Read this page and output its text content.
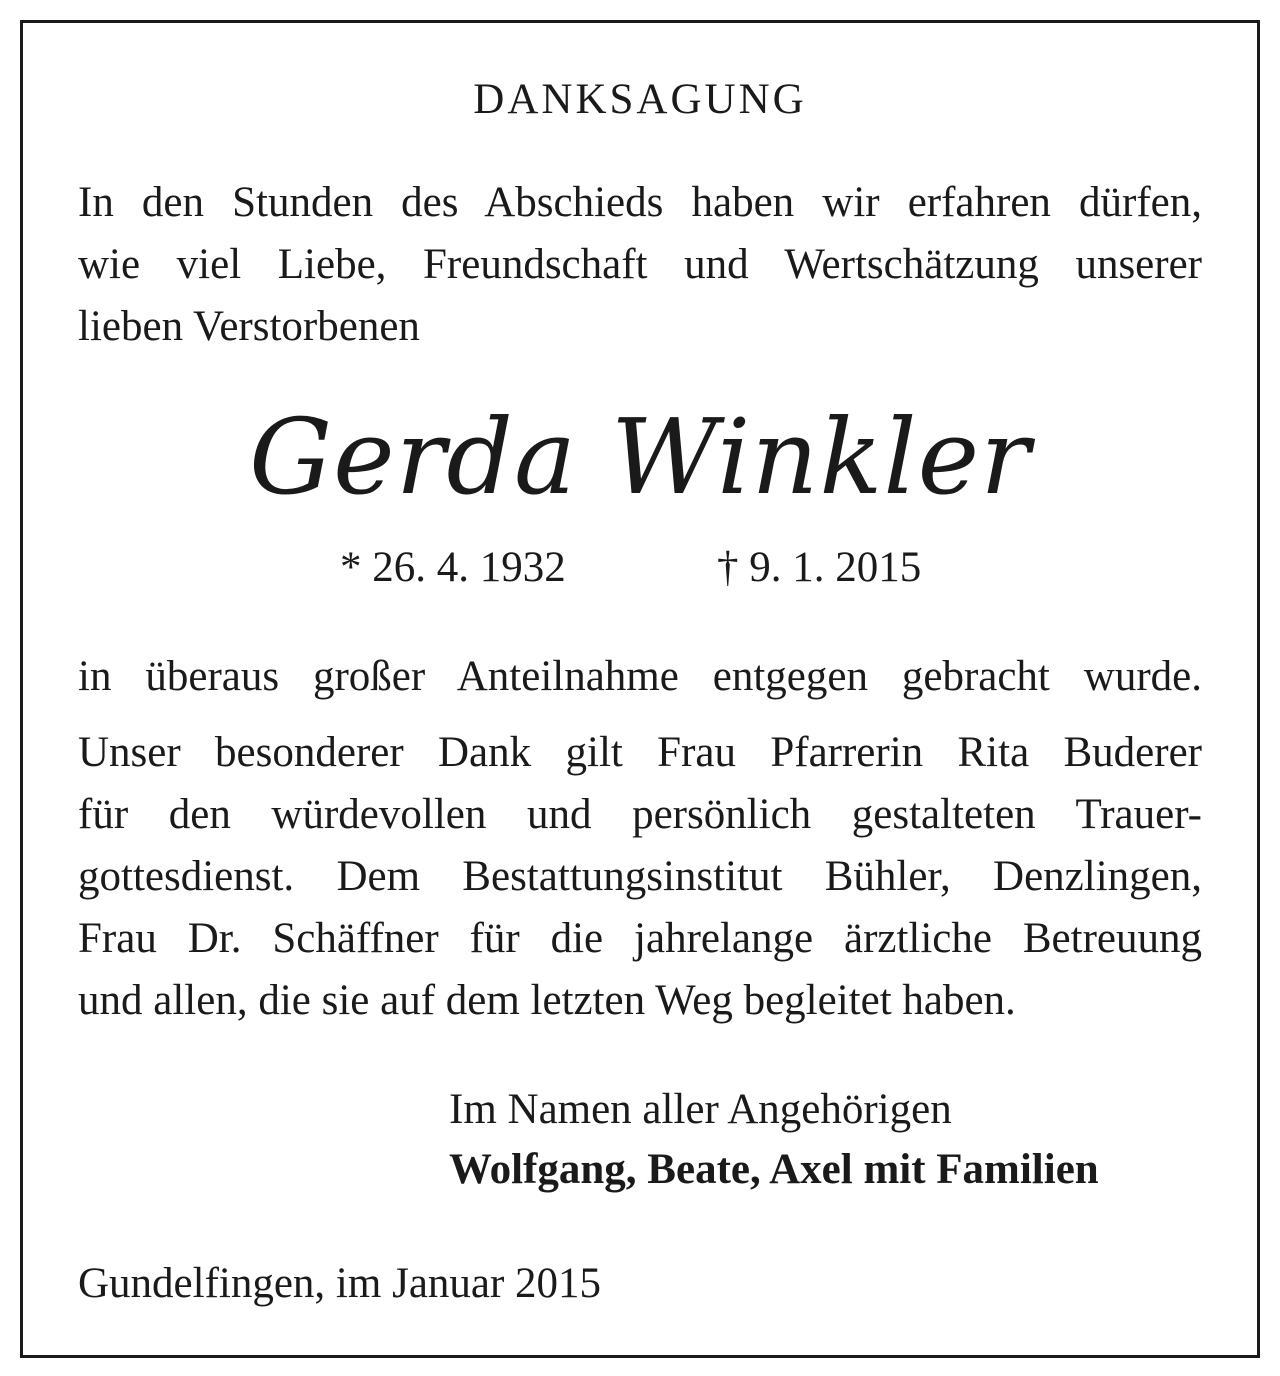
DANKSAGUNG
In den Stunden des Abschieds haben wir erfahren dürfen,
wie viel Liebe, Freundschaft und Wertschätzung unserer
lieben Verstorbenen
Gerda Winkler
* 26. 4. 1932	† 9. 1. 2015
in überaus großer Anteilnahme entgegen gebracht wurde.
Unser besonderer Dank gilt Frau Pfarrerin Rita Buderer
für den würdevollen und persönlich gestalteten Trauer-
gottesdienst. Dem Bestattungsinstitut Bühler, Denzlingen,
Frau Dr. Schäffner für die jahrelange ärztliche Betreuung
und allen, die sie auf dem letzten Weg begleitet haben.
Im Namen aller Angehörigen
Wolfgang, Beate, Axel mit Familien
Gundelfingen, im Januar 2015
